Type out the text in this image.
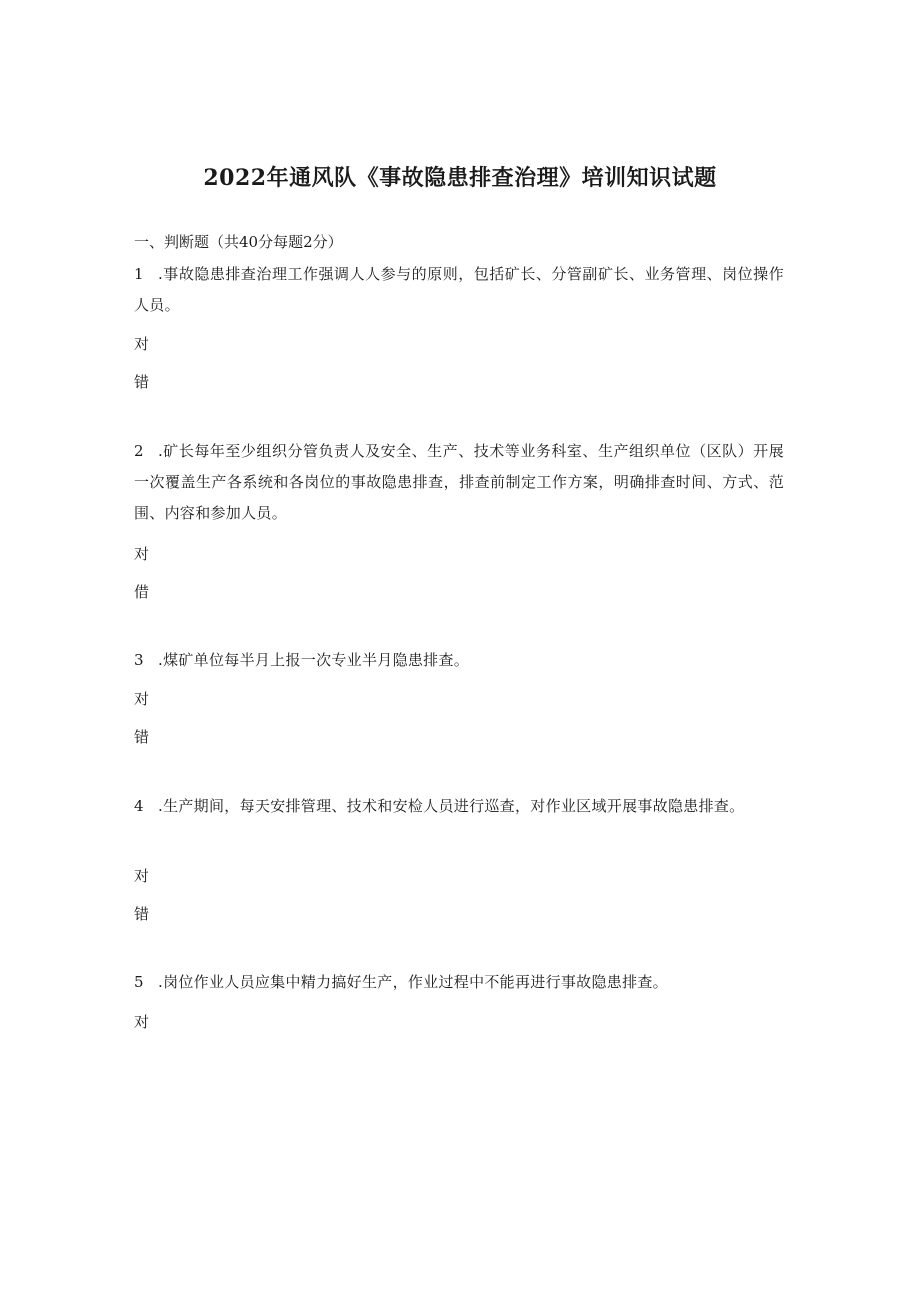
2022年通风队《事故隐患排查治理》培训知识试题

一、判断题（共40分每题2分）

1 .事故隐患排查治理工作强调人人参与的原则，包括矿长、分管副矿长、业务管理、岗位操作人员。

对

错

2 .矿长每年至少组织分管负责人及安全、生产、技术等业务科室、生产组织单位（区队）开展一次覆盖生产各系统和各岗位的事故隐患排查，排查前制定工作方案，明确排查时间、方式、范围、内容和参加人员。

对

借

3 .煤矿单位每半月上报一次专业半月隐患排查。

对

错

4 .生产期间，每天安排管理、技术和安检人员进行巡查，对作业区域开展事故隐患排查。

对

错

5 .岗位作业人员应集中精力搞好生产，作业过程中不能再进行事故隐患排查。

对
